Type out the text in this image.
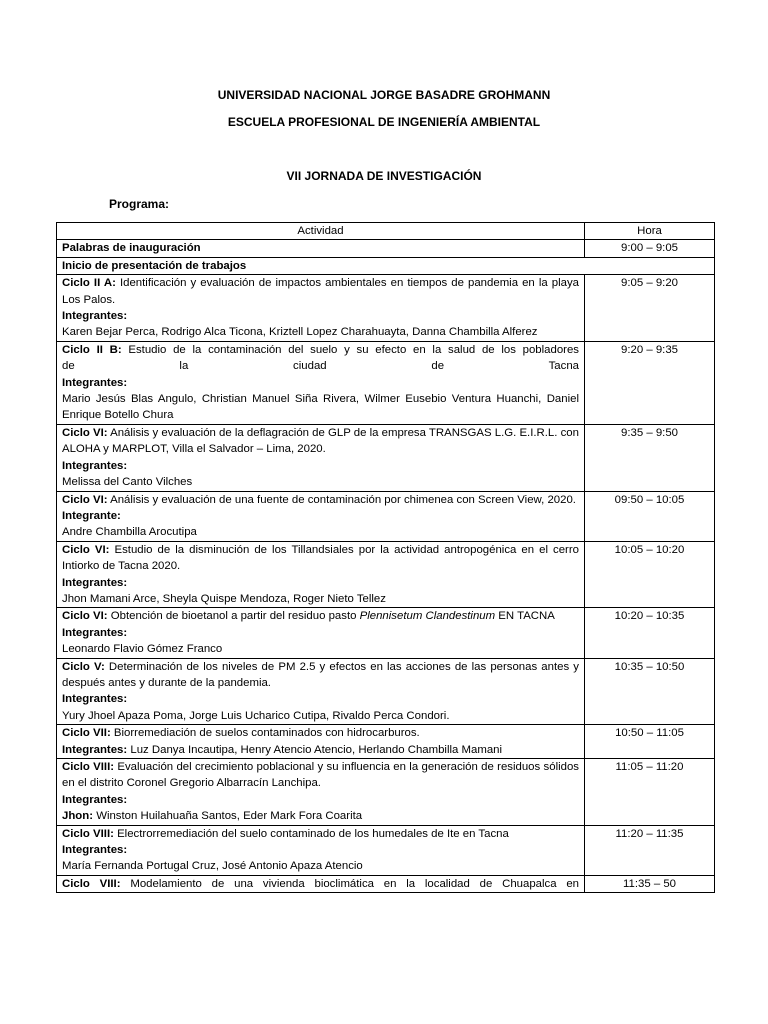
UNIVERSIDAD NACIONAL JORGE BASADRE GROHMANN
ESCUELA PROFESIONAL DE INGENIERÍA AMBIENTAL
VII JORNADA DE INVESTIGACIÓN
Programa:
Actividad	Hora
Palabras de inauguración	9:00 – 9:05
Inicio de presentación de trabajos	
Ciclo II A: Identificación y evaluación de impactos ambientales en tiempos de pandemia en la playa Los Palos.
Integrantes:
Karen Bejar Perca, Rodrigo Alca Ticona, Kriztell Lopez Charahuayta, Danna Chambilla Alferez	9:05 – 9:20

Ciclo II B: Estudio de la contaminación del suelo y su efecto en la salud de los pobladores
de la ciudad de Tacna
Integrantes:
Mario Jesús Blas Angulo, Christian Manuel Siña Rivera, Wilmer Eusebio Ventura Huanchi, Daniel Enrique Botello Chura	9:20 – 9:35
Ciclo VI: Análisis y evaluación de la deflagración de GLP de la empresa TRANSGAS L.G. E.I.R.L. con ALOHA y MARPLOT, Villa el Salvador – Lima, 2020.
Integrantes:
Melissa del Canto Vilches	9:35 – 9:50
Ciclo VI: Análisis y evaluación de una fuente de contaminación por chimenea con Screen View, 2020.
Integrante:
Andre Chambilla Arocutipa	09:50 – 10:05
Ciclo VI: Estudio de la disminución de los Tillandsiales por la actividad antropogénica en el cerro Intiorko de Tacna 2020.
Integrantes:
Jhon Mamani Arce, Sheyla Quispe Mendoza, Roger Nieto Tellez	10:05 – 10:20
Ciclo VI: Obtención de bioetanol a partir del residuo pasto Plennisetum Clandestinum EN TACNA
Integrantes:
Leonardo Flavio Gómez Franco	10:20 – 10:35
Ciclo V: Determinación de los niveles de PM 2.5 y efectos en las acciones de las personas antes y después antes y durante de la pandemia.
Integrantes:
Yury Jhoel Apaza Poma, Jorge Luis Ucharico Cutipa, Rivaldo Perca Condori.	10:35 – 10:50

Ciclo VII: Biorremediación de suelos contaminados con hidrocarburos.
Integrantes: Luz Danya Incautipa, Henry Atencio Atencio, Herlando Chambilla Mamani	10:50 – 11:05
Ciclo VIII: Evaluación del crecimiento poblacional y su influencia en la generación de residuos sólidos en el distrito Coronel Gregorio Albarracín Lanchipa.
Integrantes:
Jhon: Winston Huilahuaña Santos, Eder Mark Fora Coarita	11:05 – 11:20

Ciclo VIII: Electrorremediación del suelo contaminado de los humedales de Ite en Tacna
Integrantes:
María Fernanda Portugal Cruz, José Antonio Apaza Atencio	11:20 – 11:35

Ciclo VIII: Modelamiento de una vivienda bioclimática en la localidad de Chuapalca en	11:35 – 50
